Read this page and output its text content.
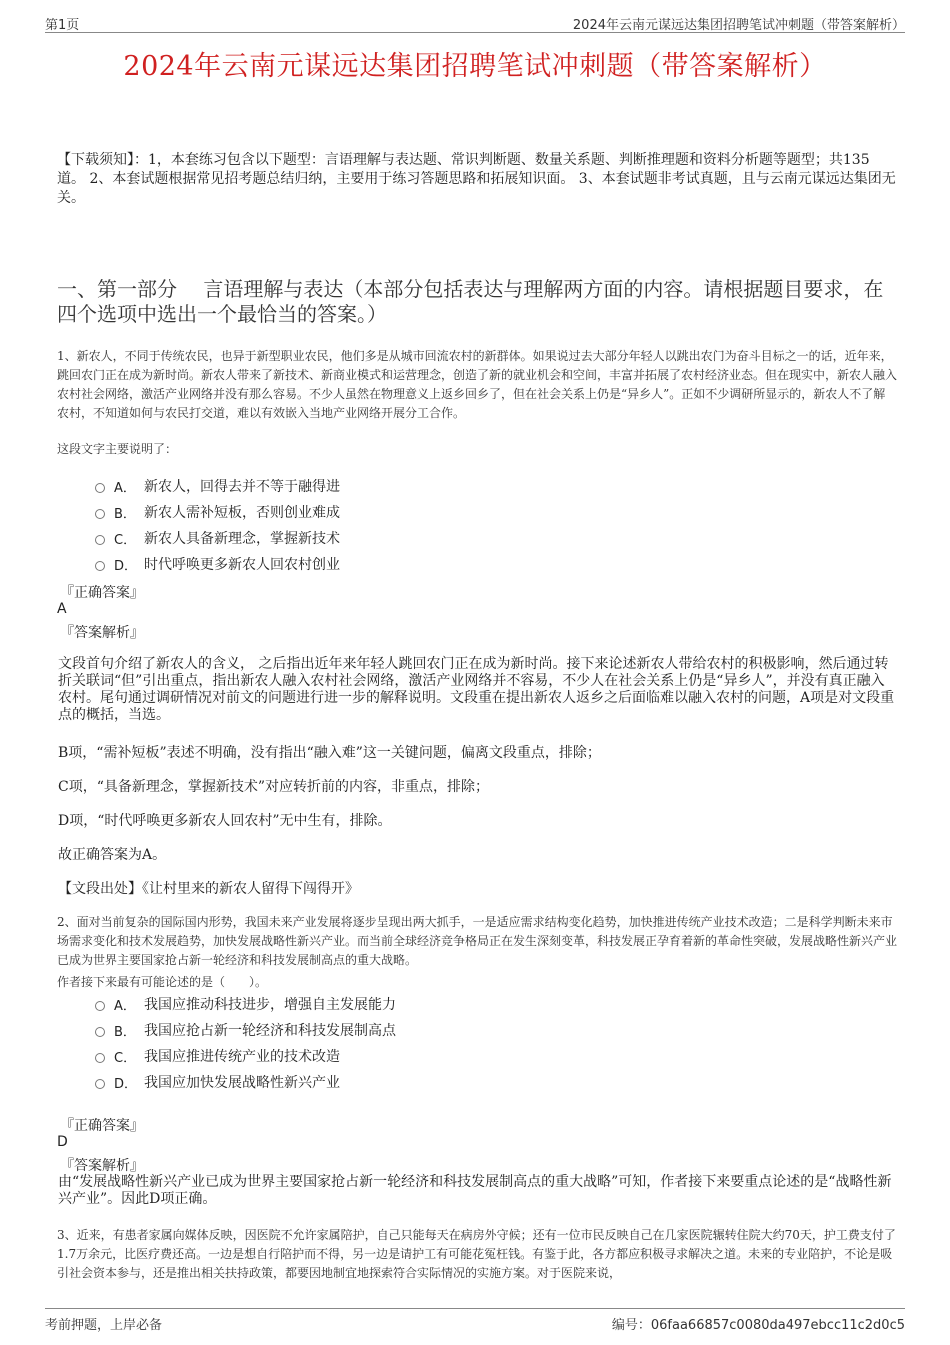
第1页	2024年云南元谋远达集团招聘笔试冲刺题（带答案解析）
2024年云南元谋远达集团招聘笔试冲刺题（带答案解析）
【下载须知】：1，本套练习包含以下题型：言语理解与表达题、常识判断题、数量关系题、判断推理题和资料分析题等题型；共135道。 2、本套试题根据常见招考题总结归纳，主要用于练习答题思路和拓展知识面。 3、本套试题非考试真题，且与云南元谋远达集团无关。
一、第一部分　 言语理解与表达（本部分包括表达与理解两方面的内容。请根据题目要求，在四个选项中选出一个最恰当的答案。）
1、新农人，不同于传统农民，也异于新型职业农民，他们多是从城市回流农村的新群体。如果说过去大部分年轻人以跳出农门为奋斗目标之一的话，近年来，跳回农门正在成为新时尚。新农人带来了新技术、新商业模式和运营理念，创造了新的就业机会和空间，丰富并拓展了农村经济业态。但在现实中，新农人融入农村社会网络，激活产业网络并没有那么容易。不少人虽然在物理意义上返乡回乡了，但在社会关系上仍是“异乡人”。正如不少调研所显示的，新农人不了解农村，不知道如何与农民打交道，难以有效嵌入当地产业网络开展分工合作。
这段文字主要说明了：
A． 新农人，回得去并不等于融得进
B． 新农人需补短板，否则创业难成
C． 新农人具备新理念，掌握新技术
D． 时代呼唤更多新农人回农村创业
『正确答案』
A
『答案解析』
文段首句介绍了新农人的含义， 之后指出近年来年轻人跳回农门正在成为新时尚。接下来论述新农人带给农村的积极影响，然后通过转折关联词“但”引出重点，指出新农人融入农村社会网络，激活产业网络并不容易，不少人在社会关系上仍是“异乡人”，并没有真正融入农村。尾句通过调研情况对前文的问题进行进一步的解释说明。文段重在提出新农人返乡之后面临难以融入农村的问题，A项是对文段重点的概括，当选。
B项，“需补短板”表述不明确，没有指出“融入难”这一关键问题，偏离文段重点，排除；
C项，“具备新理念，掌握新技术”对应转折前的内容，非重点，排除；
D项，“时代呼唤更多新农人回农村”无中生有，排除。
故正确答案为A。
【文段出处】《让村里来的新农人留得下闯得开》
2、面对当前复杂的国际国内形势，我国未来产业发展将逐步呈现出两大抓手，一是适应需求结构变化趋势，加快推进传统产业技术改造；二是科学判断未来市场需求变化和技术发展趋势，加快发展战略性新兴产业。而当前全球经济竞争格局正在发生深刻变革，科技发展正孕育着新的革命性突破，发展战略性新兴产业已成为世界主要国家抢占新一轮经济和科技发展制高点的重大战略。
作者接下来最有可能论述的是（　　）。
A． 我国应推动科技进步，增强自主发展能力
B． 我国应抢占新一轮经济和科技发展制高点
C． 我国应推进传统产业的技术改造
D． 我国应加快发展战略性新兴产业
『正确答案』
D
『答案解析』
由“发展战略性新兴产业已成为世界主要国家抢占新一轮经济和科技发展制高点的重大战略”可知，作者接下来要重点论述的是“战略性新兴产业”。因此D项正确。
3、近来，有患者家属向媒体反映，因医院不允许家属陪护，自己只能每天在病房外守候；还有一位市民反映自己在几家医院辗转住院大约70天，护工费支付了1.7万余元，比医疗费还高。一边是想自行陪护而不得，另一边是请护工有可能花冤枉钱。有鉴于此，各方都应积极寻求解决之道。未来的专业陪护，不论是吸引社会资本参与，还是推出相关扶持政策，都要因地制宜地探索符合实际情况的实施方案。对于医院来说，
考前押题，上岸必备	编号：06faa66857c0080da497ebcc11c2d0c5
